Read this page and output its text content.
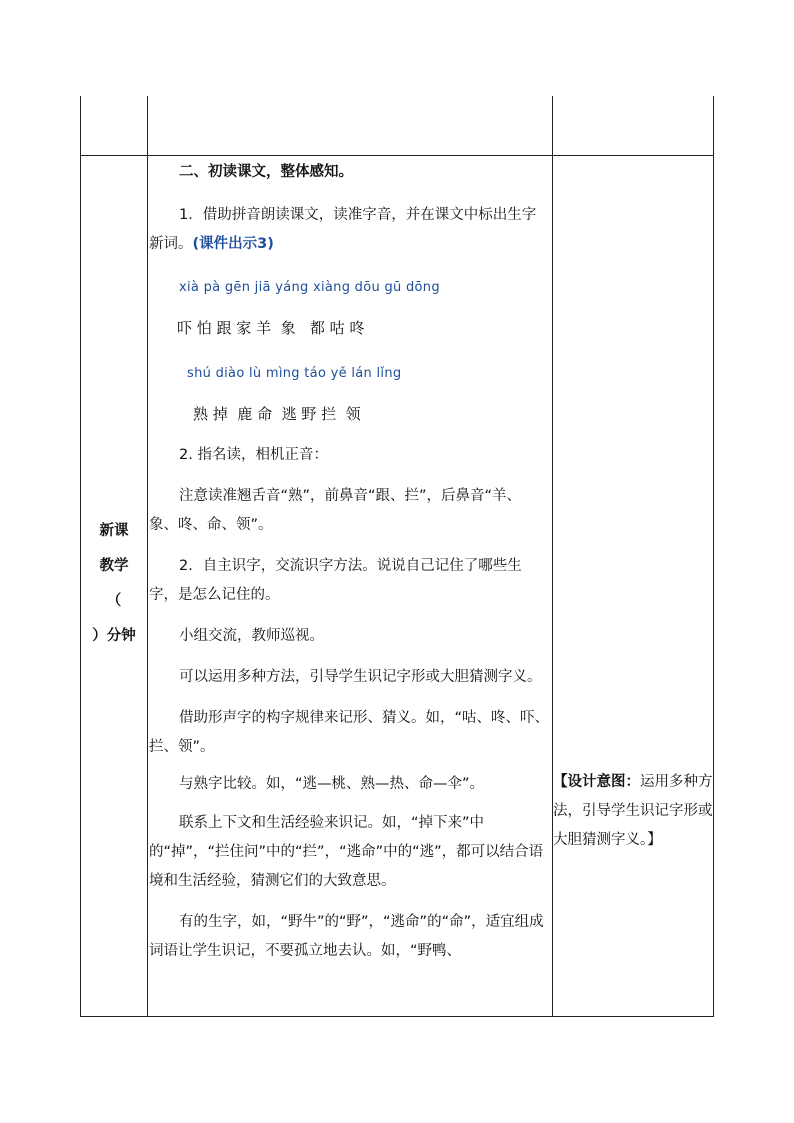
新课
教学
（
）分钟

二、初读课文，整体感知。

1．借助拼音朗读课文，读准字音，并在课文中标出生字新词。(课件出示3)

xià pà gēn jiā yáng xiàng dōu gū dōng

吓 怕 跟 家 羊  象   都 咕 咚

shú diào lù mìng táo yě lán lǐng

熟 掉  鹿 命  逃 野 拦  领

2. 指名读，相机正音：

注意读准翘舌音“熟”，前鼻音“跟、拦”，后鼻音“羊、象、咚、命、领”。

2．自主识字，交流识字方法。说说自己记住了哪些生字，是怎么记住的。

小组交流，教师巡视。

可以运用多种方法，引导学生识记字形或大胆猜测字义。

借助形声字的构字规律来记形、猜义。如，“咕、咚、吓、拦、领”。

与熟字比较。如，“逃—桃、熟—热、命—伞”。

联系上下文和生活经验来识记。如，“掉下来”中的“掉”，“拦住问”中的“拦”，“逃命”中的“逃”，都可以结合语境和生活经验，猜测它们的大致意思。

有的生字，如，“野牛”的“野”，“逃命”的“命”，适宜组成词语让学生识记，不要孤立地去认。如，“野鸭、

【设计意图：运用多种方法，引导学生识记字形或大胆猜测字义。】
